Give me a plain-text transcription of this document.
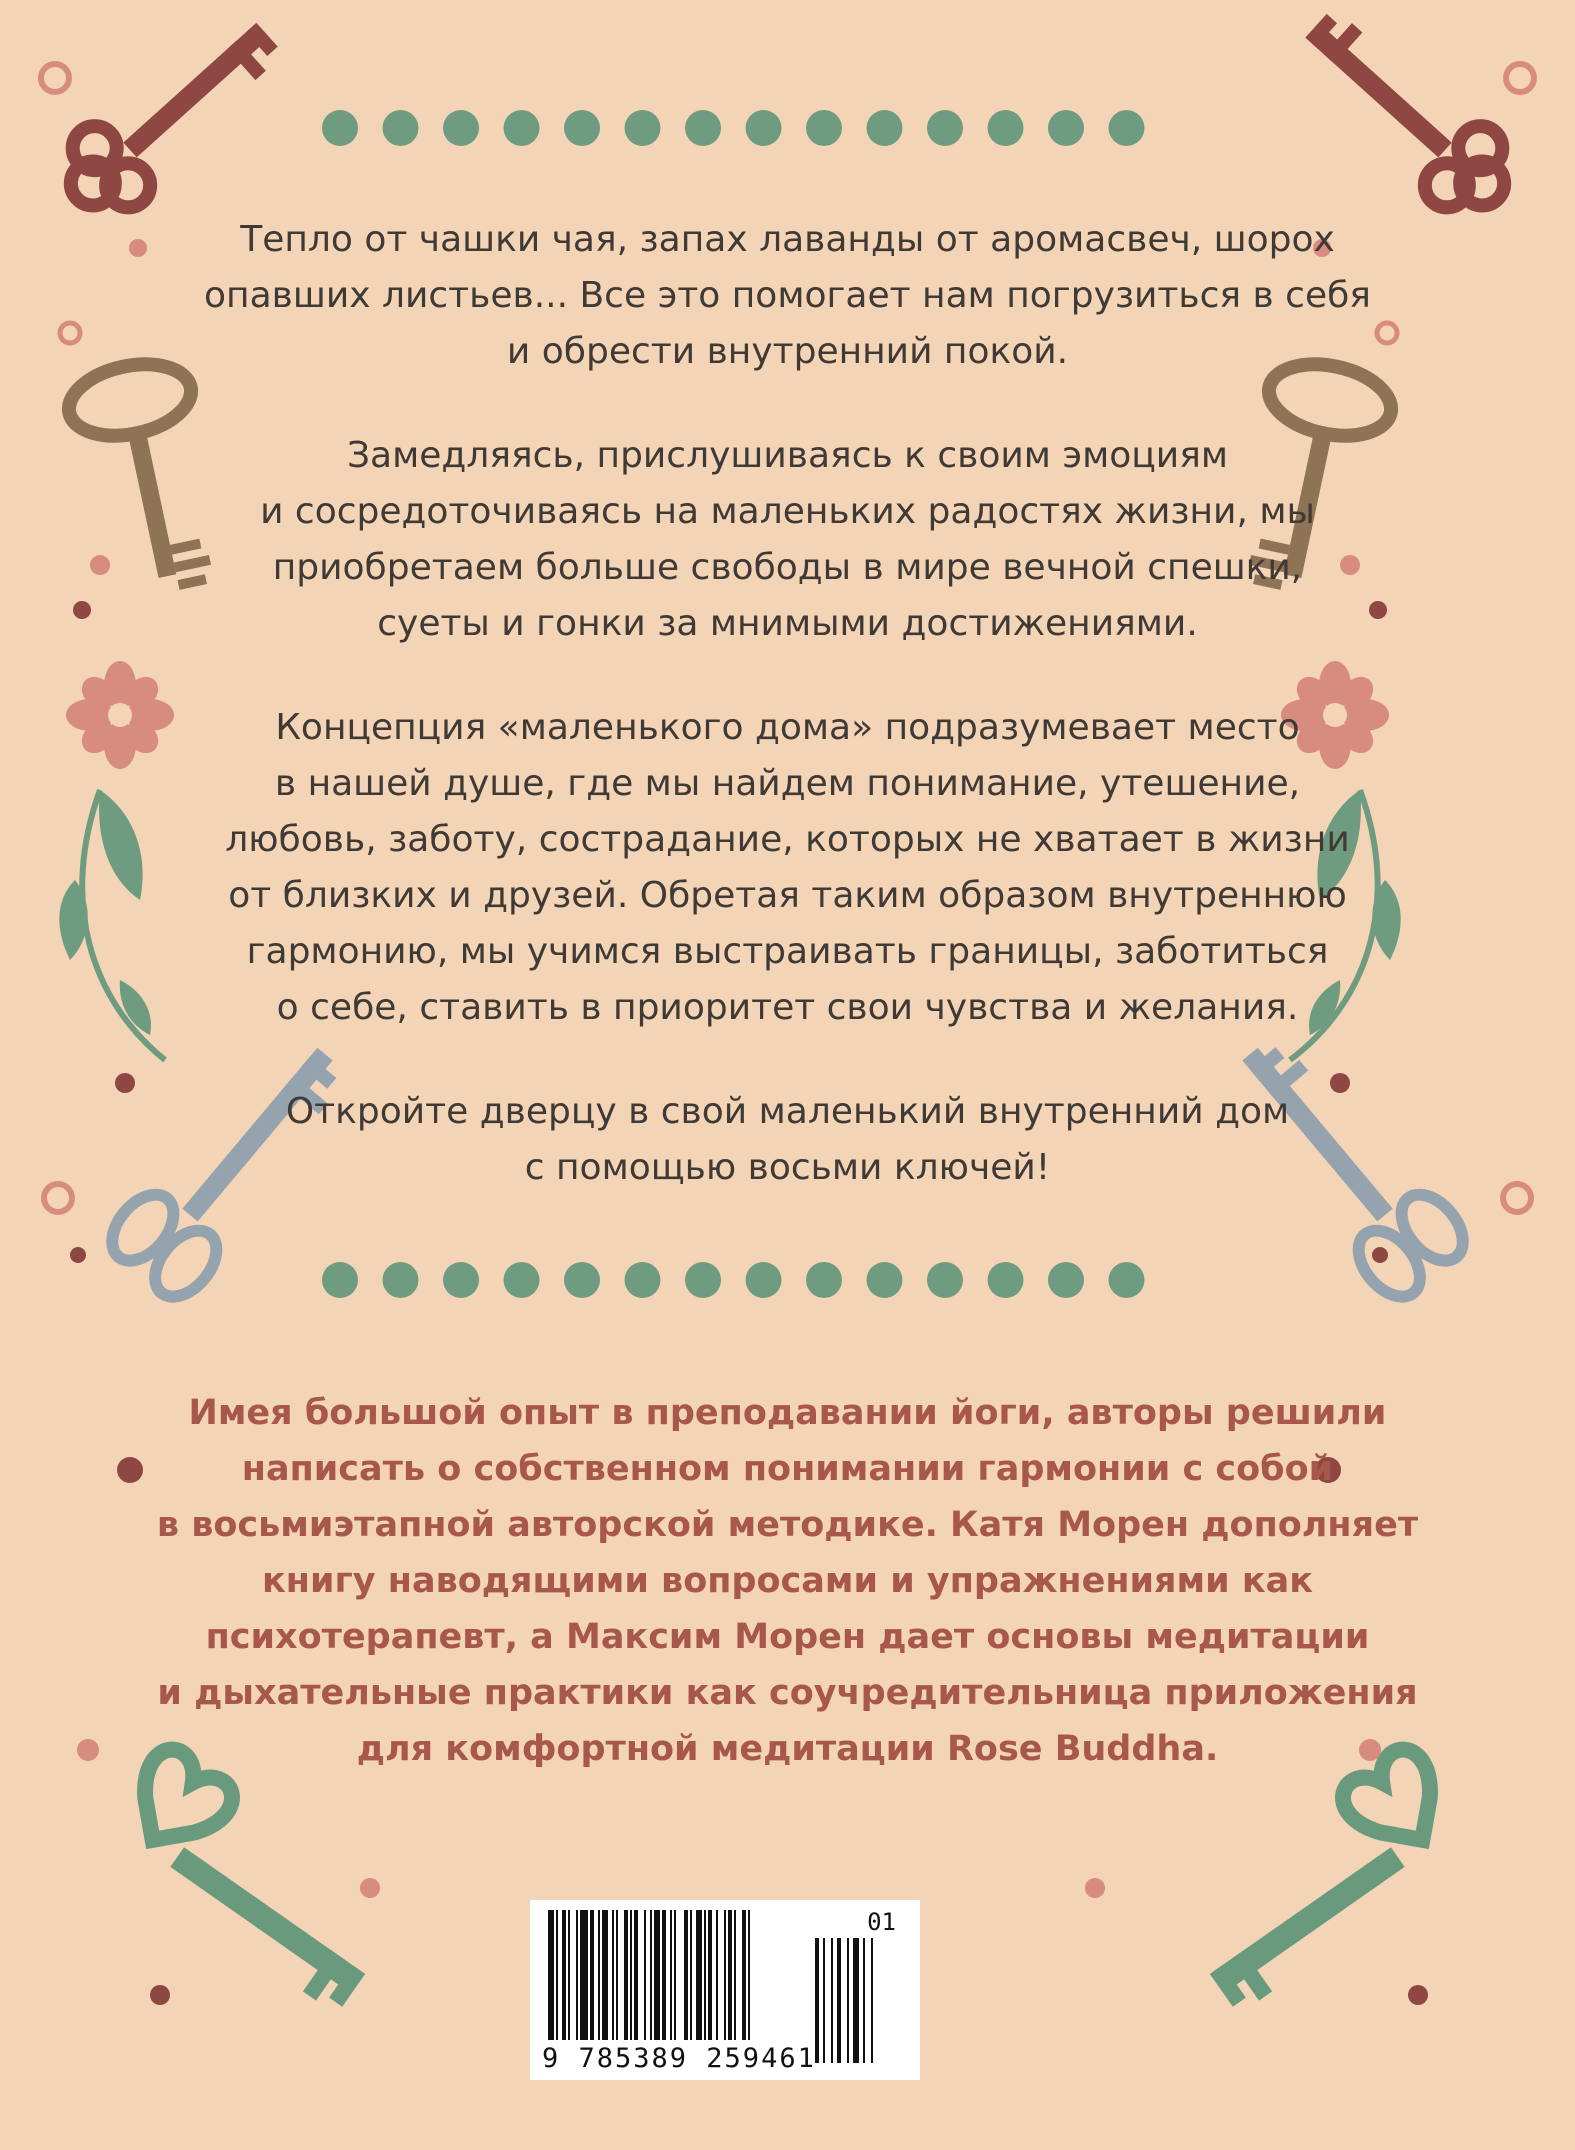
Тепло от чашки чая, запах лаванды от аромасвеч, шорох
опавших листьев... Все это помогает нам погрузиться в себя
и обрести внутренний покой.

Замедляясь, прислушиваясь к своим эмоциям
и сосредоточиваясь на маленьких радостях жизни, мы
приобретаем больше свободы в мире вечной спешки,
суеты и гонки за мнимыми достижениями.

Концепция «маленького дома» подразумевает место
в нашей душе, где мы найдем понимание, утешение,
любовь, заботу, сострадание, которых не хватает в жизни
от близких и друзей. Обретая таким образом внутреннюю
гармонию, мы учимся выстраивать границы, заботиться
о себе, ставить в приоритет свои чувства и желания.

Откройте дверцу в свой маленький внутренний дом
с помощью восьми ключей!

Имея большой опыт в преподавании йоги, авторы решили
написать о собственном понимании гармонии с собой
в восьмиэтапной авторской методике. Катя Морен дополняет
книгу наводящими вопросами и упражнениями как
психотерапевт, а Максим Морен дает основы медитации
и дыхательные практики как соучредительница приложения
для комфортной медитации Rose Buddha.
01
9 785389 259461
